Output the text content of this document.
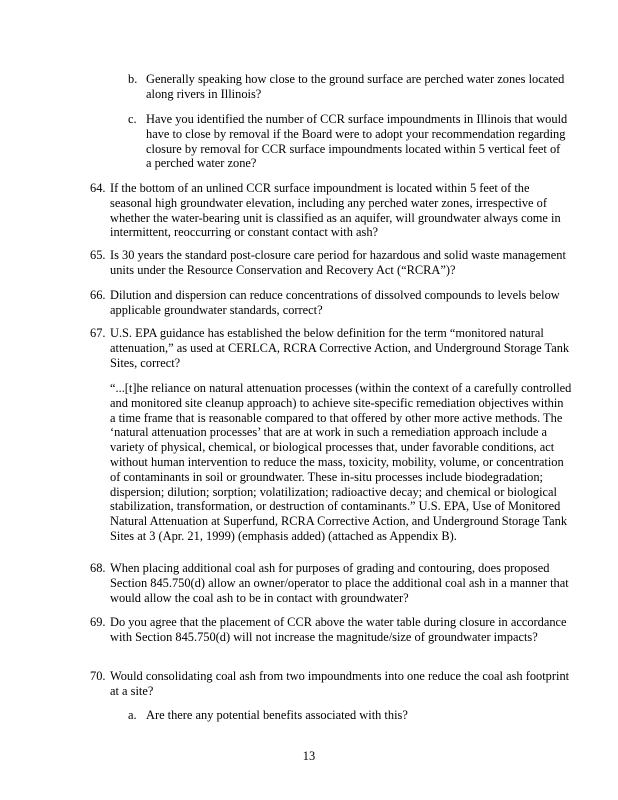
b. Generally speaking how close to the ground surface are perched water zones located along rivers in Illinois?
c. Have you identified the number of CCR surface impoundments in Illinois that would have to close by removal if the Board were to adopt your recommendation regarding closure by removal for CCR surface impoundments located within 5 vertical feet of a perched water zone?
64. If the bottom of an unlined CCR surface impoundment is located within 5 feet of the seasonal high groundwater elevation, including any perched water zones, irrespective of whether the water-bearing unit is classified as an aquifer, will groundwater always come in intermittent, reoccurring or constant contact with ash?
65. Is 30 years the standard post-closure care period for hazardous and solid waste management units under the Resource Conservation and Recovery Act (“RCRA”)?
66. Dilution and dispersion can reduce concentrations of dissolved compounds to levels below applicable groundwater standards, correct?
67. U.S. EPA guidance has established the below definition for the term “monitored natural attenuation,” as used at CERLCA, RCRA Corrective Action, and Underground Storage Tank Sites, correct?
“...[t]he reliance on natural attenuation processes (within the context of a carefully controlled and monitored site cleanup approach) to achieve site-specific remediation objectives within a time frame that is reasonable compared to that offered by other more active methods. The ‘natural attenuation processes’ that are at work in such a remediation approach include a variety of physical, chemical, or biological processes that, under favorable conditions, act without human intervention to reduce the mass, toxicity, mobility, volume, or concentration of contaminants in soil or groundwater. These in-situ processes include biodegradation; dispersion; dilution; sorption; volatilization; radioactive decay; and chemical or biological stabilization, transformation, or destruction of contaminants.” U.S. EPA, Use of Monitored Natural Attenuation at Superfund, RCRA Corrective Action, and Underground Storage Tank Sites at 3 (Apr. 21, 1999) (emphasis added) (attached as Appendix B).
68. When placing additional coal ash for purposes of grading and contouring, does proposed Section 845.750(d) allow an owner/operator to place the additional coal ash in a manner that would allow the coal ash to be in contact with groundwater?
69. Do you agree that the placement of CCR above the water table during closure in accordance with Section 845.750(d) will not increase the magnitude/size of groundwater impacts?
70. Would consolidating coal ash from two impoundments into one reduce the coal ash footprint at a site?
a. Are there any potential benefits associated with this?
13
